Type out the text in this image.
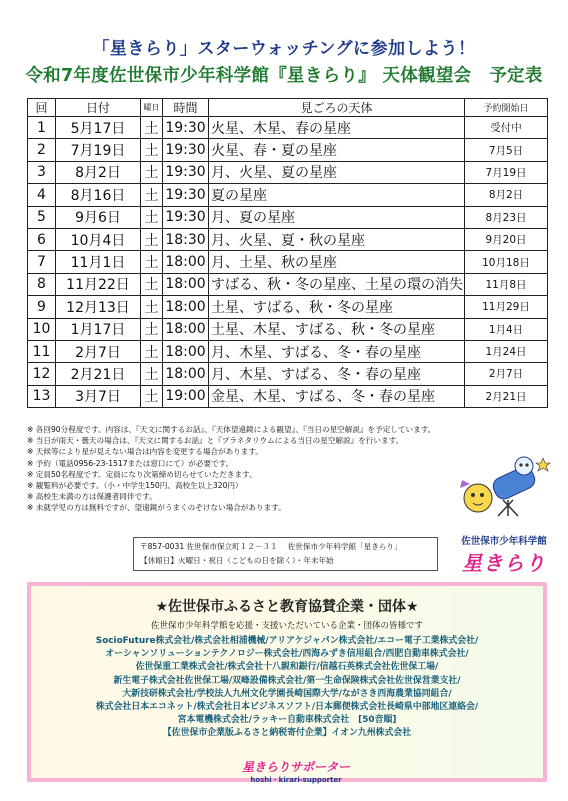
「星きらり」スターウォッチングに参加しよう！
令和7年度佐世保市少年科学館『星きらり』 天体観望会　予定表
回	日付	曜日	時間	見ごろの天体	予約開始日
1	5月17日	土	19:30	火星、木星、春の星座	受付中
2	7月19日	土	19:30	火星、春・夏の星座	7月5日
3	8月2日	土	19:30	月、火星、夏の星座	7月19日
4	8月16日	土	19:30	夏の星座	8月2日
5	9月6日	土	19:30	月、夏の星座	8月23日
6	10月4日	土	18:30	月、火星、夏・秋の星座	9月20日
7	11月1日	土	18:00	月、土星、秋の星座	10月18日
8	11月22日	土	18:00	すばる、秋・冬の星座、土星の環の消失	11月8日
9	12月13日	土	18:00	土星、すばる、秋・冬の星座	11月29日
10	1月17日	土	18:00	土星、木星、すばる、秋・冬の星座	1月4日
11	2月7日	土	18:00	月、木星、すばる、冬・春の星座	1月24日
12	2月21日	土	18:00	月、木星、すばる、冬・春の星座	2月7日
13	3月7日	土	19:00	金星、木星、すばる、冬・春の星座	2月21日
※ 各回90分程度です。内容は、『天文に関するお話』、『天体望遠鏡による観望』、『当日の星空解説』を予定しています。
※ 当日が雨天・曇天の場合は、『天文に関するお話』と『プラネタリウムによる当日の星空解説』を行います。
※ 天候等により星が見えない場合は内容を変更する場合があります。
※ 予約（電話0956-23-1517または窓口にて）が必要です。
※ 定員50名程度です。定員になり次第締め切らせていただきます。
※ 観覧料が必要です。（小・中学生150円、高校生以上320円）
※ 高校生未満の方は保護者同伴です。
※ 未就学児の方は無料ですが、望遠鏡がうまくのぞけない場合があります。
〒857-0031 佐世保市保立町１２－３１　 佐世保市少年科学館「星きらり」
【休館日】火曜日・祝日（こどもの日を除く）・年末年始
佐世保市少年科学館
星きらり
★佐世保市ふるさと教育協賛企業・団体★
佐世保市少年科学館を応援・支援いただいている企業・団体の皆様です
SocioFuture株式会社/株式会社相浦機械/アリアケジャパン株式会社/エコー電子工業株式会社/
オーシャンソリューションテクノロジー株式会社/西海みずき信用組合/西肥自動車株式会社/
佐世保重工業株式会社/株式会社十八親和銀行/信越石英株式会社佐世保工場/
新生電子株式会社佐世保工場/双峰設備株式会社/第一生命保険株式会社佐世保営業支社/
大新技研株式会社/学校法人九州文化学園長崎国際大学/ながさき西海農業協同組合/
株式会社日本エコネット/株式会社日本ビジネスソフト/日本郵便株式会社長崎県中部地区連絡会/
宮本電機株式会社/ラッキー自動車株式会社　[50音順]
【佐世保市企業版ふるさと納税寄付企業】イオン九州株式会社
星きらりサポーター
hoshi・kirari-supporter
